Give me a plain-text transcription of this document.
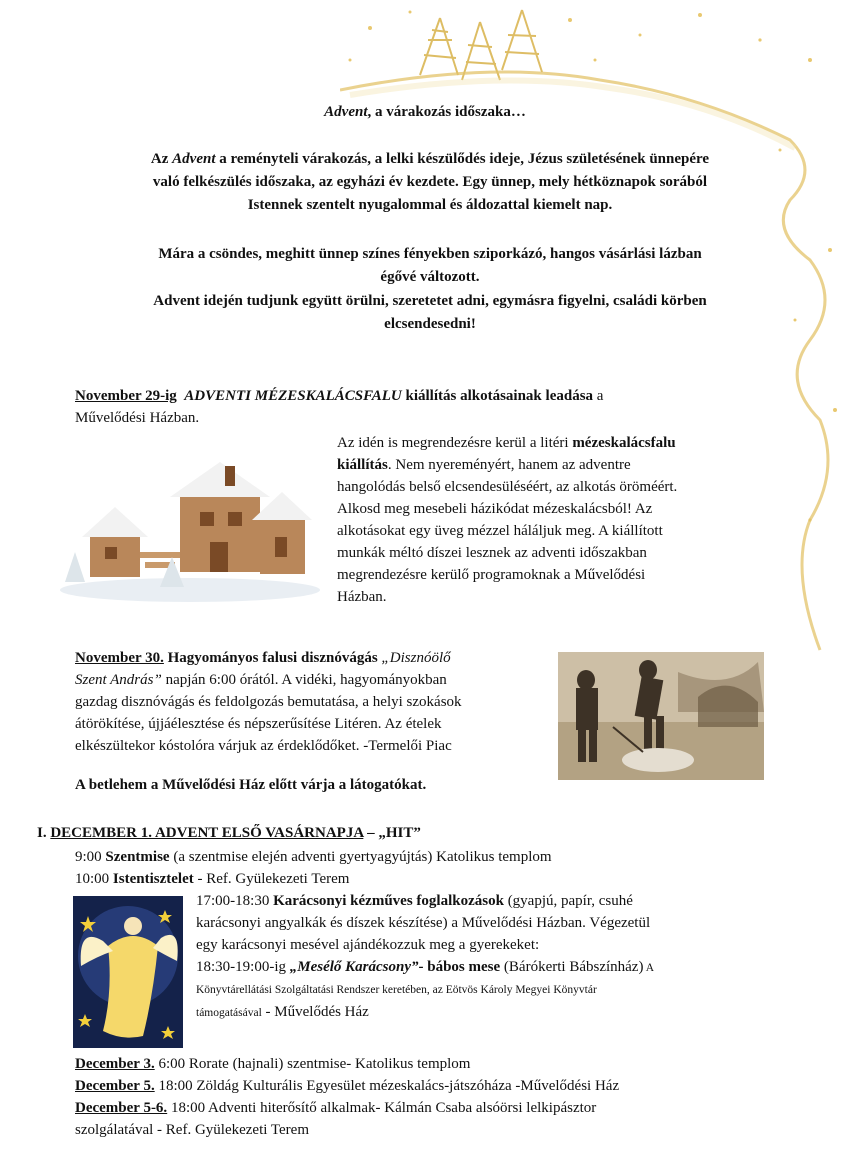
Advent, a várakozás időszaka…
Az Advent a reményteli várakozás, a lelki készülődés ideje, Jézus születésének ünnepére
való felkészülés időszaka, az egyházi év kezdete. Egy ünnep, mely hétköznapok sorából
Istennek szentelt nyugalommal és áldozattal kiemelt nap.
Mára a csöndes, meghitt ünnep színes fényekben sziporkázó, hangos vásárlási lázban
égővé változott.
Advent idején tudjunk együtt örülni, szeretetet adni, egymásra figyelni, családi körben
elcsendesedni!
November 29-ig ADVENTI MÉZESKALÁCSFALU kiállítás alkotásainak leadása a
Művelődési Házban.
Az idén is megrendezésre kerül a litéri mézeskalácsfalu
kiállítás. Nem nyereményért, hanem az adventre
hangolódás belső elcsendesüléséért, az alkotás öröméért.
Alkosd meg mesebeli házikódat mézeskalácsból! Az
alkotásokat egy üveg mézzel háláljuk meg. A kiállított
munkák méltó díszei lesznek az adventi időszakban
megrendezésre kerülő programoknak a Művelődési
Házban.
November 30. Hagyományos falusi disznóvágás „Disznóölő
Szent András” napján 6:00 órától. A vidéki, hagyományokban
gazdag disznóvágás és feldolgozás bemutatása, a helyi szokások
átörökítése, újjáélesztése és népszerűsítése Litéren. Az ételek
elkészültekor kóstolóra várjuk az érdeklődőket. -Termelői Piac
A betlehem a Művelődési Ház előtt várja a látogatókat.
I. DECEMBER 1. ADVENT ELSŐ VASÁRNAPJA – „HIT”
9:00 Szentmise (a szentmise elején adventi gyertyagyújtás) Katolikus templom
10:00 Istentisztelet - Ref. Gyülekezeti Terem
17:00-18:30 Karácsonyi kézműves foglalkozások (gyapjú, papír, csuhé
karácsonyi angyalkák és díszek készítése) a Művelődési Házban. Végezetül
egy karácsonyi mesével ajándékozzuk meg a gyerekeket:
18:30-19:00-ig „Mesélő Karácsony”- bábos mese (Bárókerti Bábszínház) A
Könyvtárellátási Szolgáltatási Rendszer keretében, az Eötvös Károly Megyei Könyvtár
támogatásával - Művelődés Ház
December 3. 6:00 Rorate (hajnali) szentmise- Katolikus templom
December 5. 18:00 Zöldág Kulturális Egyesület mézeskalács-játszóháza -Művelődési Ház
December 5-6. 18:00 Adventi hiterősítő alkalmak- Kálmán Csaba alsóörsi lelkipásztor
szolgálatával - Ref. Gyülekezeti Terem
